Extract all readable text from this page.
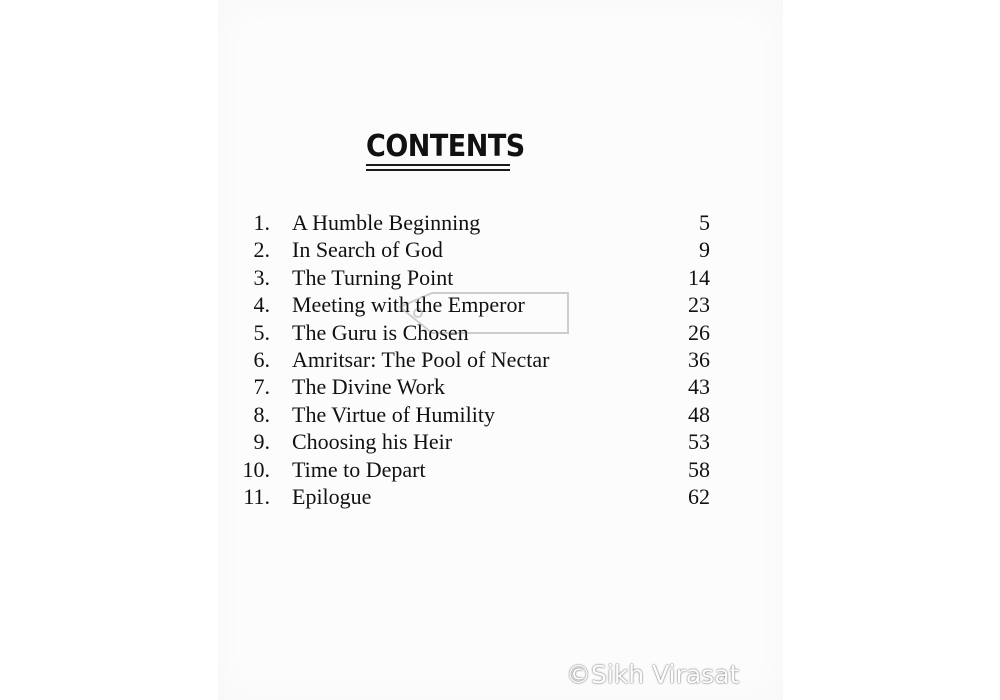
CONTENTS
1. A Humble Beginning	5
2. In Search of God	9
3. The Turning Point	14
4. Meeting with the Emperor	23
5. The Guru is Chosen	26
6. Amritsar: The Pool of Nectar	36
7. The Divine Work	43
8. The Virtue of Humility	48
9. Choosing his Heir	53
10. Time to Depart	58
11. Epilogue	62
©Sikh Virasat
